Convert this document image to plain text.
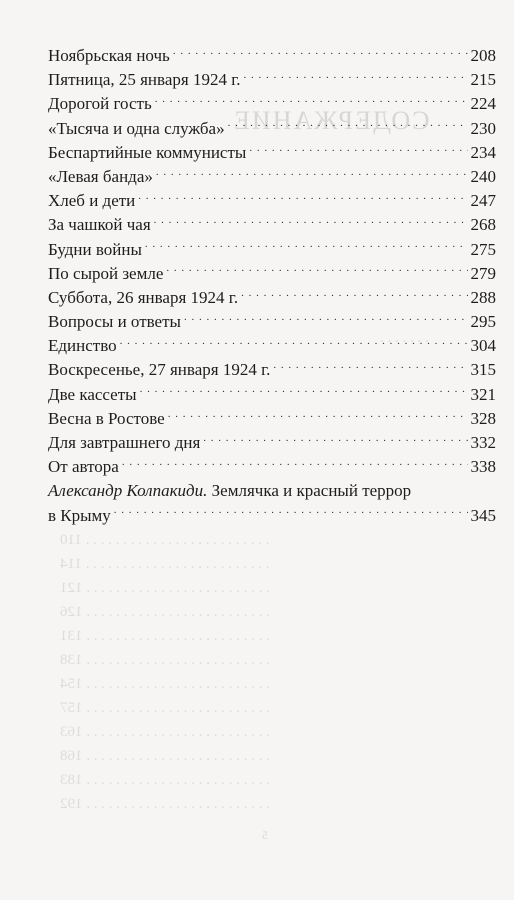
СОДЕРЖАНИЕ
. . . . . . .
. . . . . . . . . . . . . . . . . . . . . . . . . 110
. . . . . . . . . . . . . . . . . . . . . . . . . 114
. . . . . . . . . . . . . . . . . . . . . . . . . 121
. . . . . . . . . . . . . . . . . . . . . . . . . 126
. . . . . . . . . . . . . . . . . . . . . . . . . 131
. . . . . . . . . . . . . . . . . . . . . . . . . 138
. . . . . . . . . . . . . . . . . . . . . . . . . 154
. . . . . . . . . . . . . . . . . . . . . . . . . 157
. . . . . . . . . . . . . . . . . . . . . . . . . 163
. . . . . . . . . . . . . . . . . . . . . . . . . 168
. . . . . . . . . . . . . . . . . . . . . . . . . 183
. . . . . . . . . . . . . . . . . . . . . . . . . 192
5
Ноябрьская ночь . . .	208
Пятница, 25 января 1924 г. . . .	215
Дорогой гость . . .	224
«Тысяча и одна служба» . . .	230
Беспартийные коммунисты . . .	234
«Левая банда» . . .	240
Хлеб и дети . . .	247
За чашкой чая . . .	268
Будни войны . . .	275
По сырой земле . . .	279
Суббота, 26 января 1924 г. . . .	288
Вопросы и ответы . . .	295
Единство . . .	304
Воскресенье, 27 января 1924 г. . . .	315
Две кассеты . . .	321
Весна в Ростове . . .	328
Для завтрашнего дня . . .	332
От автора . . .	338
Александр Колпакиди. Землячка и красный террор
в Крыму . . .	345
